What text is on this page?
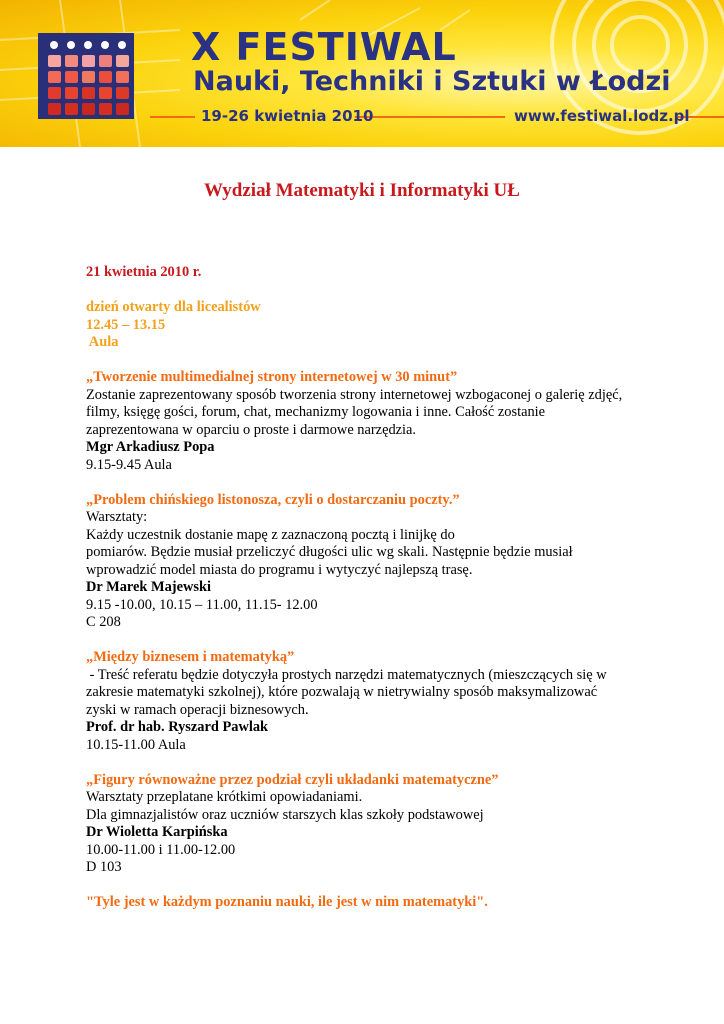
X FESTIWAL
Nauki, Techniki i Sztuki w Łodzi
19-26 kwietnia 2010	www.festiwal.lodz.pl
Wydział Matematyki i Informatyki UŁ

21 kwietnia 2010 r.

dzień otwarty dla licealistów

12.45 – 13.15

Aula

„Tworzenie multimedialnej strony internetowej w 30 minut”

Zostanie zaprezentowany sposób tworzenia strony internetowej wzbogaconej o galerię zdjęć,

filmy, księgę gości, forum, chat, mechanizmy logowania i inne. Całość zostanie

zaprezentowana w oparciu o proste i darmowe narzędzia.

Mgr Arkadiusz Popa

9.15-9.45 Aula

„Problem chińskiego listonosza, czyli o dostarczaniu poczty.”

Warsztaty:

Każdy uczestnik dostanie mapę z zaznaczoną pocztą i linijkę do

pomiarów. Będzie musiał przeliczyć długości ulic wg skali. Następnie będzie musiał

wprowadzić model miasta do programu i wytyczyć najlepszą trasę.

Dr Marek Majewski

9.15 -10.00, 10.15 – 11.00, 11.15- 12.00

C 208

„Między biznesem i matematyką”

- Treść referatu będzie dotyczyła prostych narzędzi matematycznych (mieszczących się w

zakresie matematyki szkolnej), które pozwalają w nietrywialny sposób maksymalizować

zyski w ramach operacji biznesowych.

Prof. dr hab. Ryszard Pawlak

10.15-11.00 Aula

„Figury równoważne przez podział czyli układanki matematyczne”

Warsztaty przeplatane krótkimi opowiadaniami.

Dla gimnazjalistów oraz uczniów starszych klas szkoły podstawowej

Dr Wioletta Karpińska

10.00-11.00 i 11.00-12.00

D 103

"Tyle jest w każdym poznaniu nauki, ile jest w nim matematyki".
